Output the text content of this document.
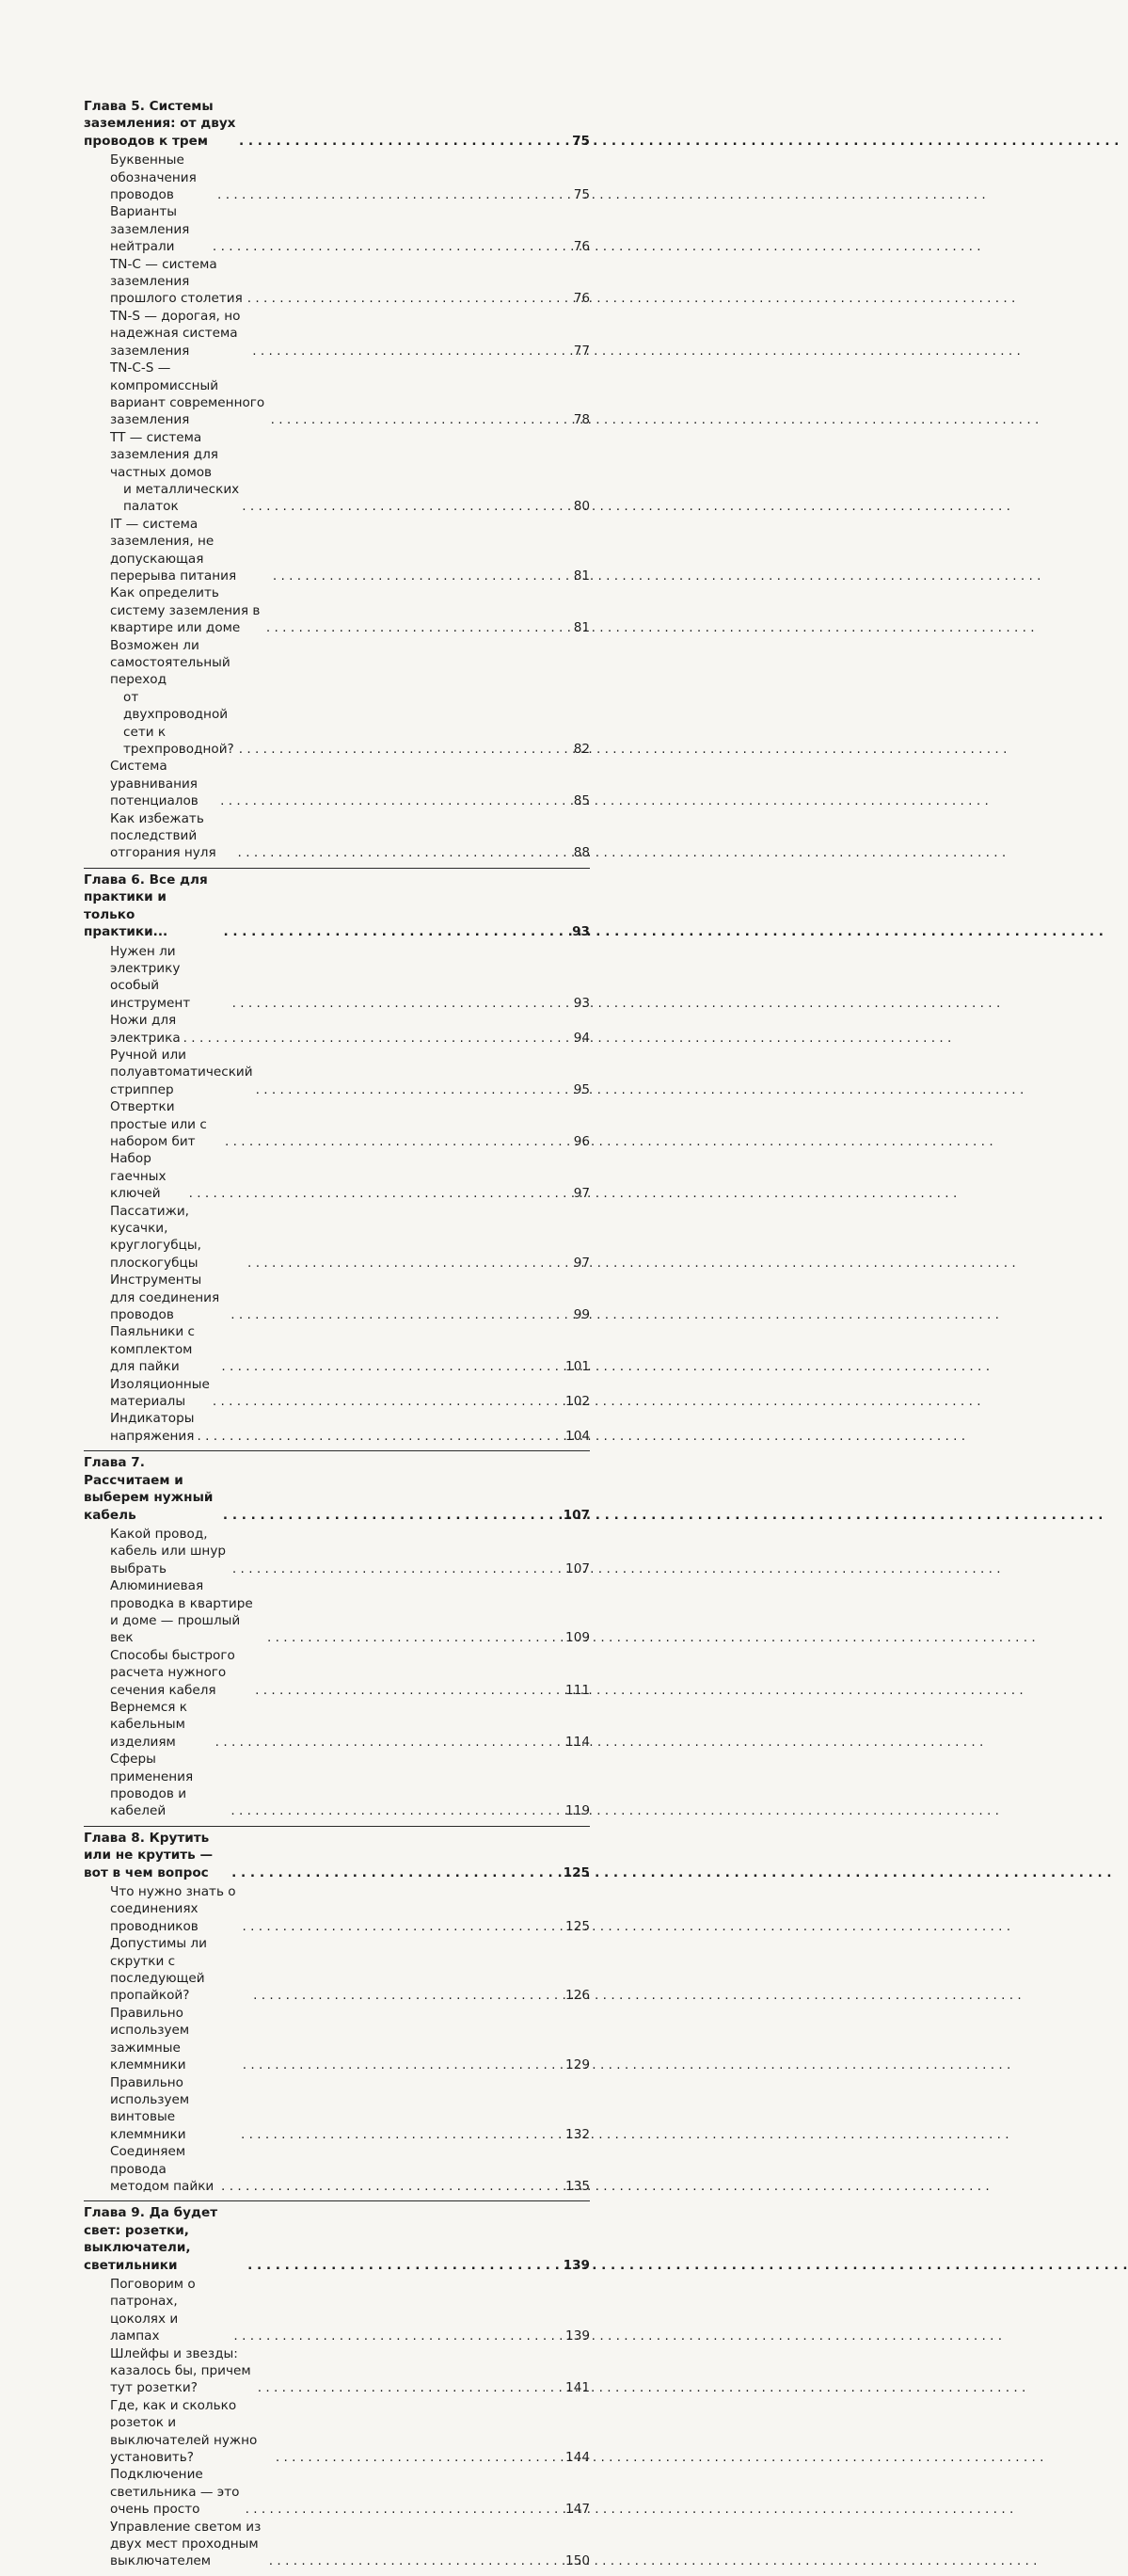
Глава 5. Системы заземления: от двух проводов к трем . . .	75
Буквенные обозначения проводов . . .	75
Варианты заземления нейтрали . . .	76
TN-C — система заземления прошлого столетия . . .	76
TN-S — дорогая, но надежная система заземления . . .	77
TN-C-S — компромиссный вариант современного заземления . . .	78
TT — система заземления для частных домов
и металлических палаток . . .	80
IT — система заземления, не допускающая перерыва питания . . .	81
Как определить систему заземления в квартире или доме . . .	81
Возможен ли самостоятельный переход
от двухпроводной сети к трехпроводной? . . .	82
Система уравнивания потенциалов . . .	85
Как избежать последствий отгорания нуля . . .	88
Глава 6. Все для практики и только практики... . . .	93
Нужен ли электрику особый инструмент . . .	93
Ножи для электрика . . .	94
Ручной или полуавтоматический стриппер . . .	95
Отвертки простые или с набором бит . . .	96
Набор гаечных ключей . . .	97
Пассатижи, кусачки, круглогубцы, плоскогубцы . . .	97
Инструменты для соединения проводов . . .	99
Паяльники с комплектом для пайки . . .	101
Изоляционные материалы . . .	102
Индикаторы напряжения . . .	104
Глава 7. Рассчитаем и выберем нужный кабель . . .	107
Какой провод, кабель или шнур выбрать . . .	107
Алюминиевая проводка в квартире и доме — прошлый век . . .	109
Способы быстрого расчета нужного сечения кабеля . . .	111
Вернемся к кабельным изделиям . . .	114
Сферы применения проводов и кабелей . . .	119
Глава 8. Крутить или не крутить — вот в чем вопрос . . .	125
Что нужно знать о соединениях проводников . . .	125
Допустимы ли скрутки с последующей пропайкой? . . .	126
Правильно используем зажимные клеммники . . .	129
Правильно используем винтовые клеммники . . .	132
Соединяем провода методом пайки . . .	135
Глава 9. Да будет свет: розетки, выключатели, светильники . . .	139
Поговорим о патронах, цоколях и лампах . . .	139
Шлейфы и звезды: казалось бы, причем тут розетки? . . .	141
Где, как и сколько розеток и выключателей нужно установить? . . .	144
Подключение светильника — это очень просто . . .	147
Управление светом из двух мест проходным выключателем . . .	150
